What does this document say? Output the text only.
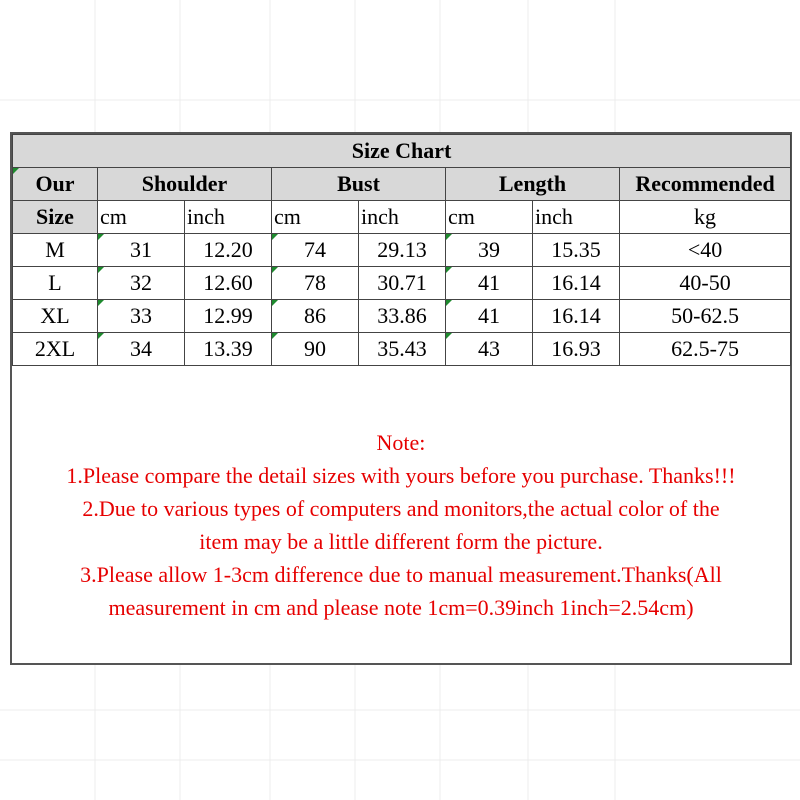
Size Chart							
Our	Shoulder		Bust		Length		Recommended
Size	cm	inch	cm	inch	cm	inch	kg
M	31	12.20	74	29.13	39	15.35	<40
L	32	12.60	78	30.71	41	16.14	40-50
XL	33	12.99	86	33.86	41	16.14	50-62.5
2XL	34	13.39	90	35.43	43	16.93	62.5-75
Note:
1.Please compare the detail sizes with yours before you purchase. Thanks!!!
2.Due to various types of computers and monitors,the actual color of the
item may be a little different form the picture.
3.Please allow 1-3cm difference due to manual measurement.Thanks(All
measurement in cm and please note 1cm=0.39inch 1inch=2.54cm)
